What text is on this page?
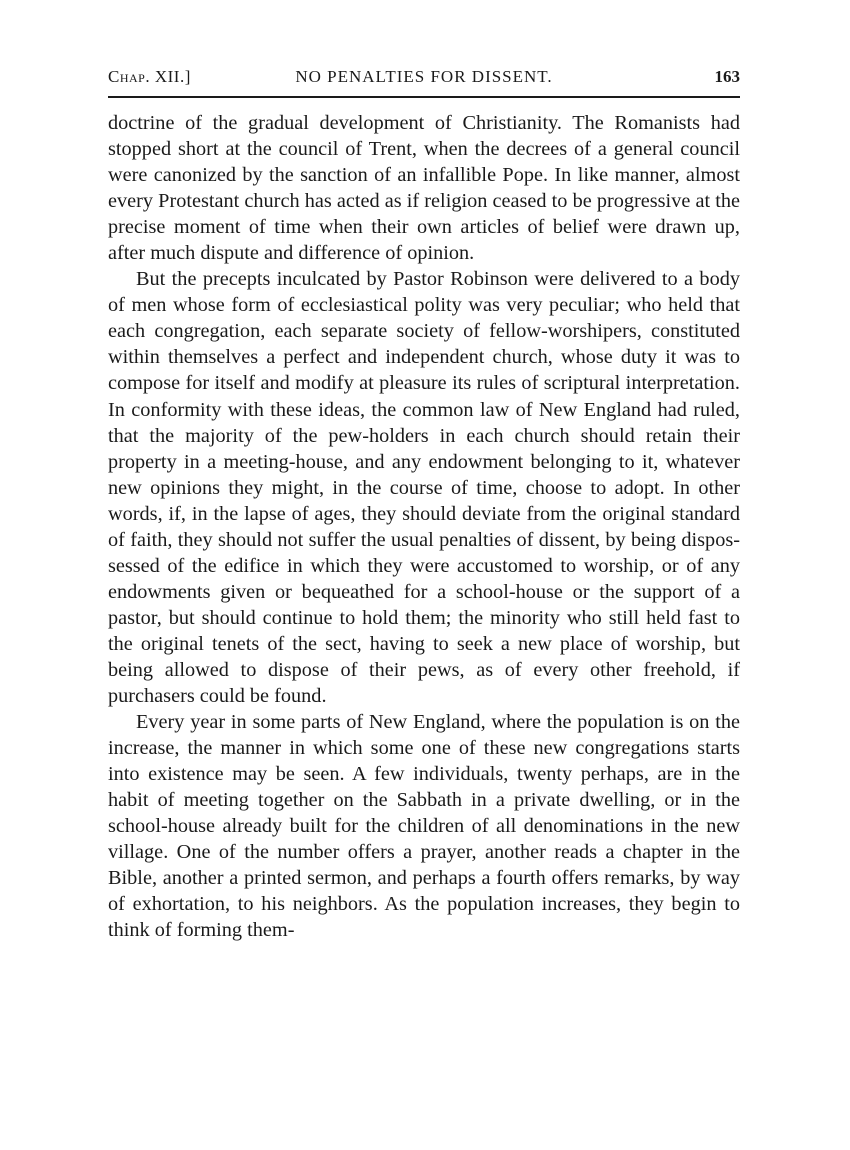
Chap. XII.]	NO PENALTIES FOR DISSENT.	163

doctrine of the gradual development of Christianity. The Romanists had stopped short at the council of Trent, when the decrees of a general council were canonized by the sanction of an infallible Pope. In like manner, almost every Protestant church has acted as if religion ceased to be progressive at the precise moment of time when their own articles of belief were drawn up, after much dispute and difference of opinion.

But the precepts inculcated by Pastor Robinson were delivered to a body of men whose form of ecclesiastical polity was very peculiar; who held that each congregation, each separate society of fellow-worshipers, constituted within themselves a perfect and independent church, whose duty it was to compose for itself and modify at pleasure its rules of scriptural interpretation. In conformity with these ideas, the common law of New England had ruled, that the majority of the pew-holders in each church should retain their property in a meeting-house, and any endowment belonging to it, whatever new opinions they might, in the course of time, choose to adopt. In other words, if, in the lapse of ages, they should deviate from the original standard of faith, they should not suffer the usual penalties of dissent, by being dispossessed of the edifice in which they were accustomed to worship, or of any endowments given or bequeathed for a school-house or the support of a pastor, but should continue to hold them; the minority who still held fast to the original tenets of the sect, having to seek a new place of worship, but being allowed to dispose of their pews, as of every other freehold, if purchasers could be found.

Every year in some parts of New England, where the population is on the increase, the manner in which some one of these new congregations starts into existence may be seen. A few individuals, twenty perhaps, are in the habit of meeting together on the Sabbath in a private dwelling, or in the school-house already built for the children of all denominations in the new village. One of the number offers a prayer, another reads a chapter in the Bible, another a printed sermon, and perhaps a fourth offers remarks, by way of exhortation, to his neighbors. As the population increases, they begin to think of forming them-
